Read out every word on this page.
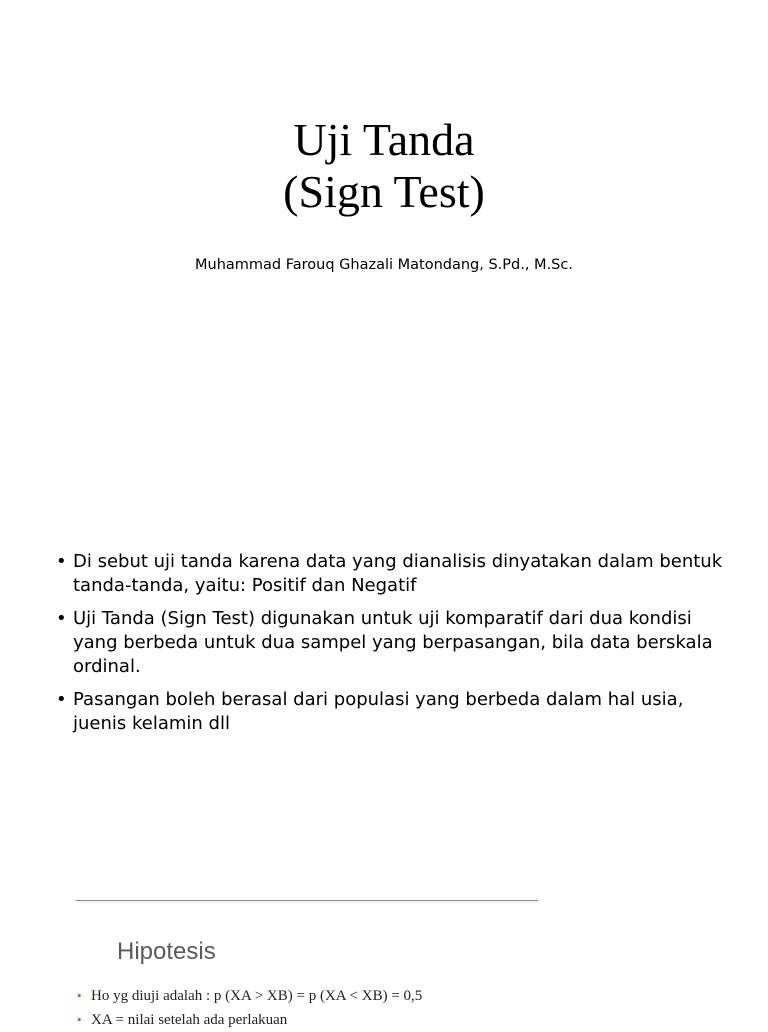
Uji Tanda
(Sign Test)
Muhammad Farouq Ghazali Matondang, S.Pd., M.Sc.
• Di sebut uji tanda karena data yang dianalisis dinyatakan dalam bentuk tanda-tanda, yaitu: Positif dan Negatif
• Uji Tanda (Sign Test) digunakan untuk uji komparatif dari dua kondisi yang berbeda untuk dua sampel yang berpasangan, bila data berskala ordinal.
• Pasangan boleh berasal dari populasi yang berbeda dalam hal usia, juenis kelamin dll
Hipotesis
• Ho yg diuji adalah : p (XA > XB) = p (XA < XB) = 0,5
• XA = nilai setelah ada perlakuan
